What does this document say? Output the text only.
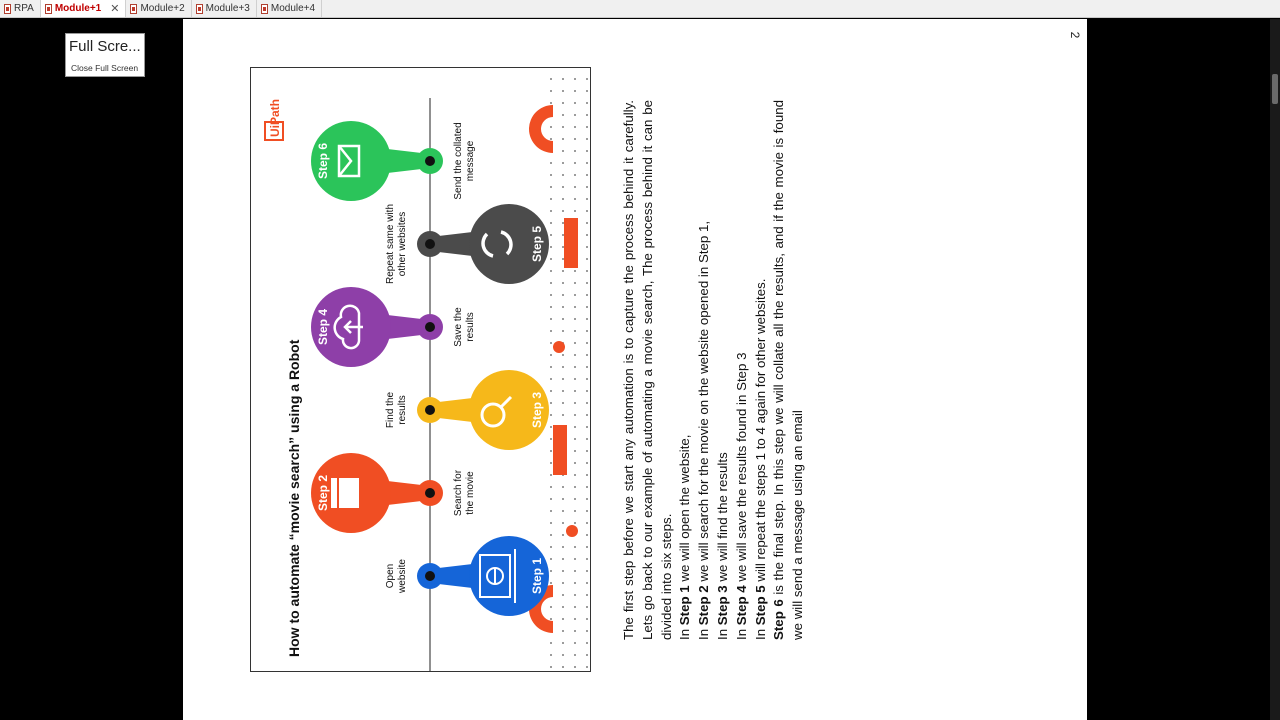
RPA Module+1 ✕ Module+2 Module+3 Module+4
2
How to automate “movie search” using a Robot
UiPath
Step 1
Open website
Step 2	Search for the movie
Step 3
Find the results
Step 4	Save the results
Step 5
Repeat same with other websites
Step 6	Send the collated message	The first step before we start any automation is to capture the process behind it carefully. Lets go back to our example of automating a movie search, The process behind it can be divided into six steps. In Step 1 we will open the website,

In Step 2 we will search for the movie on the website opened in Step 1,

In Step 3 we will find the results

In Step 4 we will save the results found in Step 3

In Step 5 will repeat the steps 1 to 4 again for other websites.

Step 6 is the final step. In this step we will collate all the results, and if the movie is found we will send a message using an email

Full Scre...
Close Full Screen
